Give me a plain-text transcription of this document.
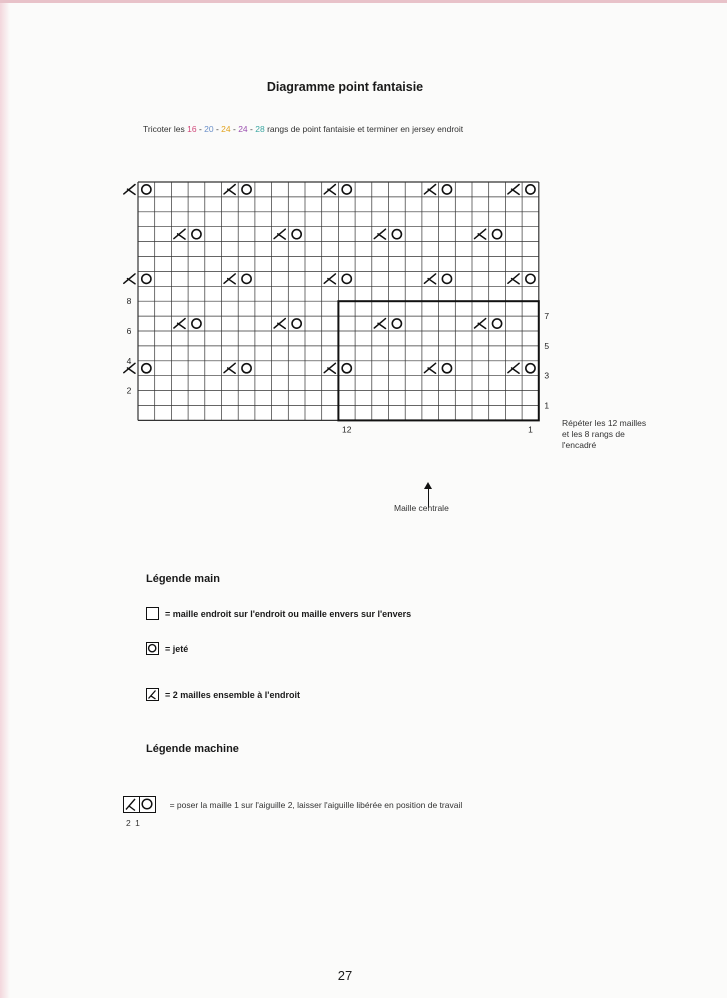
Diagramme point fantaisie
Tricoter les 16 - 20 - 24 - 24 - 28 rangs de point fantaisie et terminer en jersey endroit
2
4
6
8
1
3
5
7
12	1
Répéter les 12 mailles
et les 8 rangs de
l'encadré
Maille centrale
Légende main
= maille endroit sur l'endroit ou maille envers sur l'envers
= jeté
= 2 mailles ensemble à l'endroit
Légende machine
= poser la maille 1 sur l'aiguille 2, laisser l'aiguille libérée en position de travail
2 1
27
